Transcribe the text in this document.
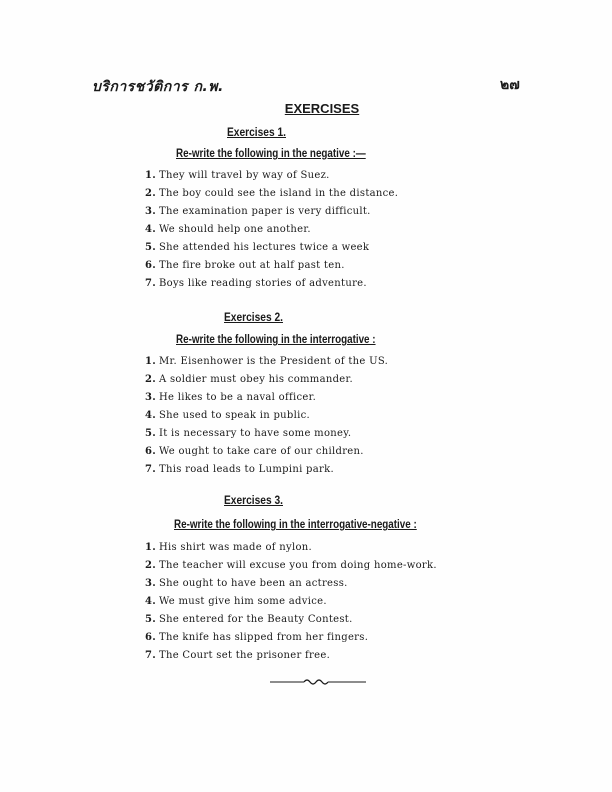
บริการชวัติการ ก.พ.	๒๗
EXERCISES
Exercises 1.
Re-write the following in the negative :—
1. They will travel by way of Suez.
2. The boy could see the island in the distance.
3. The examination paper is very difficult.
4. We should help one another.
5. She attended his lectures twice a week
6. The fire broke out at half past ten.
7. Boys like reading stories of adventure.
Exercises 2.
Re-write the following in the interrogative :
1. Mr. Eisenhower is the President of the US.
2. A soldier must obey his commander.
3. He likes to be a naval officer.
4. She used to speak in public.
5. It is necessary to have some money.
6. We ought to take care of our children.
7. This road leads to Lumpini park.
Exercises 3.
Re-write the following in the interrogative-negative :
1. His shirt was made of nylon.
2. The teacher will excuse you from doing home-work.
3. She ought to have been an actress.
4. We must give him some advice.
5. She entered for the Beauty Contest.
6. The knife has slipped from her fingers.
7. The Court set the prisoner free.
